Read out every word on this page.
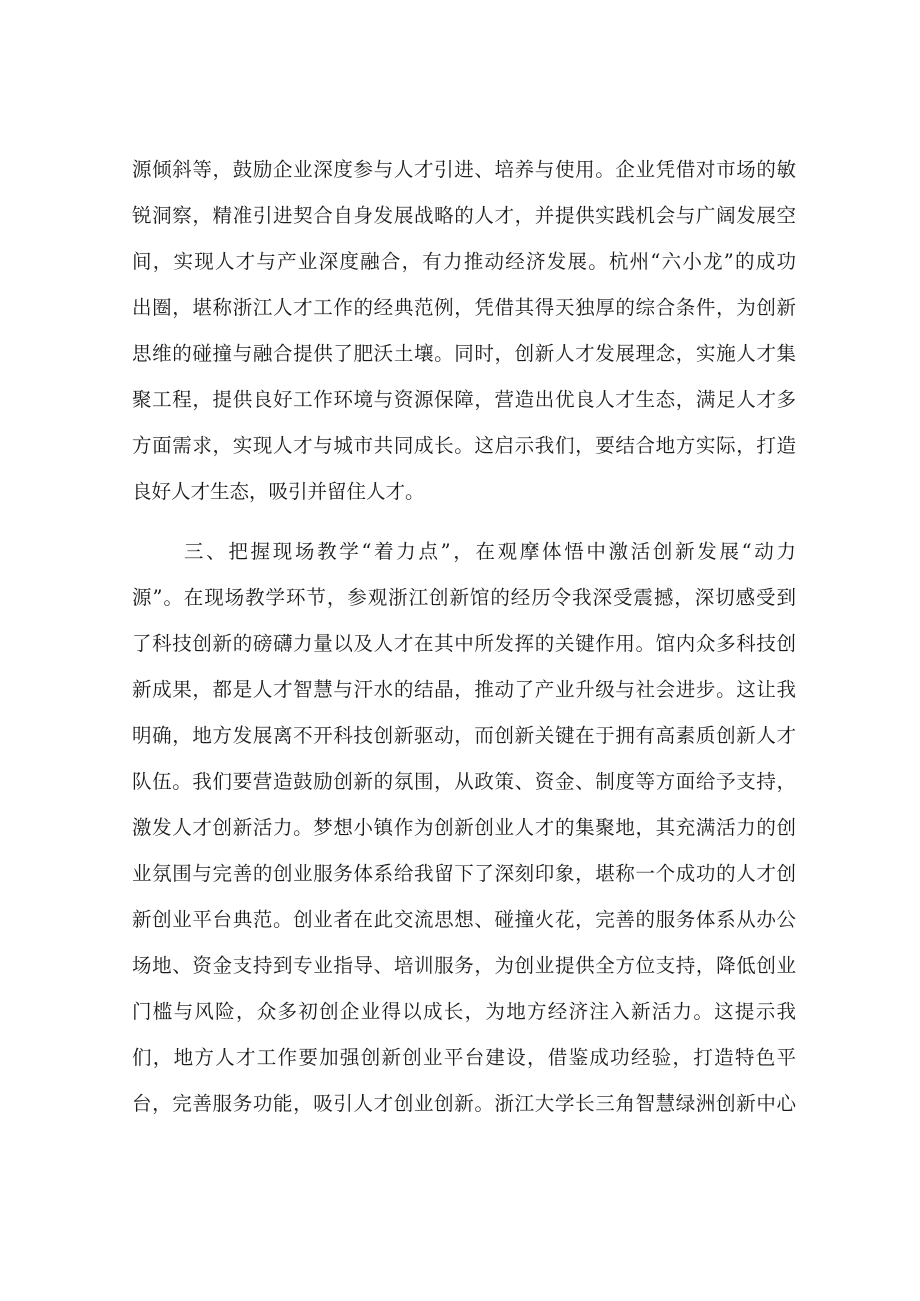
源倾斜等，鼓励企业深度参与人才引进、培养与使用。企业凭借对市场的敏
锐洞察，精准引进契合自身发展战略的人才，并提供实践机会与广阔发展空
间，实现人才与产业深度融合，有力推动经济发展。杭州“六小龙”的成功
出圈，堪称浙江人才工作的经典范例，凭借其得天独厚的综合条件，为创新
思维的碰撞与融合提供了肥沃土壤。同时，创新人才发展理念，实施人才集
聚工程，提供良好工作环境与资源保障，营造出优良人才生态，满足人才多
方面需求，实现人才与城市共同成长。这启示我们，要结合地方实际，打造
良好人才生态，吸引并留住人才。
三、把握现场教学“着力点”，在观摩体悟中激活创新发展“动力
源”。在现场教学环节，参观浙江创新馆的经历令我深受震撼，深切感受到
了科技创新的磅礴力量以及人才在其中所发挥的关键作用。馆内众多科技创
新成果，都是人才智慧与汗水的结晶，推动了产业升级与社会进步。这让我
明确，地方发展离不开科技创新驱动，而创新关键在于拥有高素质创新人才
队伍。我们要营造鼓励创新的氛围，从政策、资金、制度等方面给予支持，
激发人才创新活力。梦想小镇作为创新创业人才的集聚地，其充满活力的创
业氛围与完善的创业服务体系给我留下了深刻印象，堪称一个成功的人才创
新创业平台典范。创业者在此交流思想、碰撞火花，完善的服务体系从办公
场地、资金支持到专业指导、培训服务，为创业提供全方位支持，降低创业
门槛与风险，众多初创企业得以成长，为地方经济注入新活力。这提示我
们，地方人才工作要加强创新创业平台建设，借鉴成功经验，打造特色平
台，完善服务功能，吸引人才创业创新。浙江大学长三角智慧绿洲创新中心
